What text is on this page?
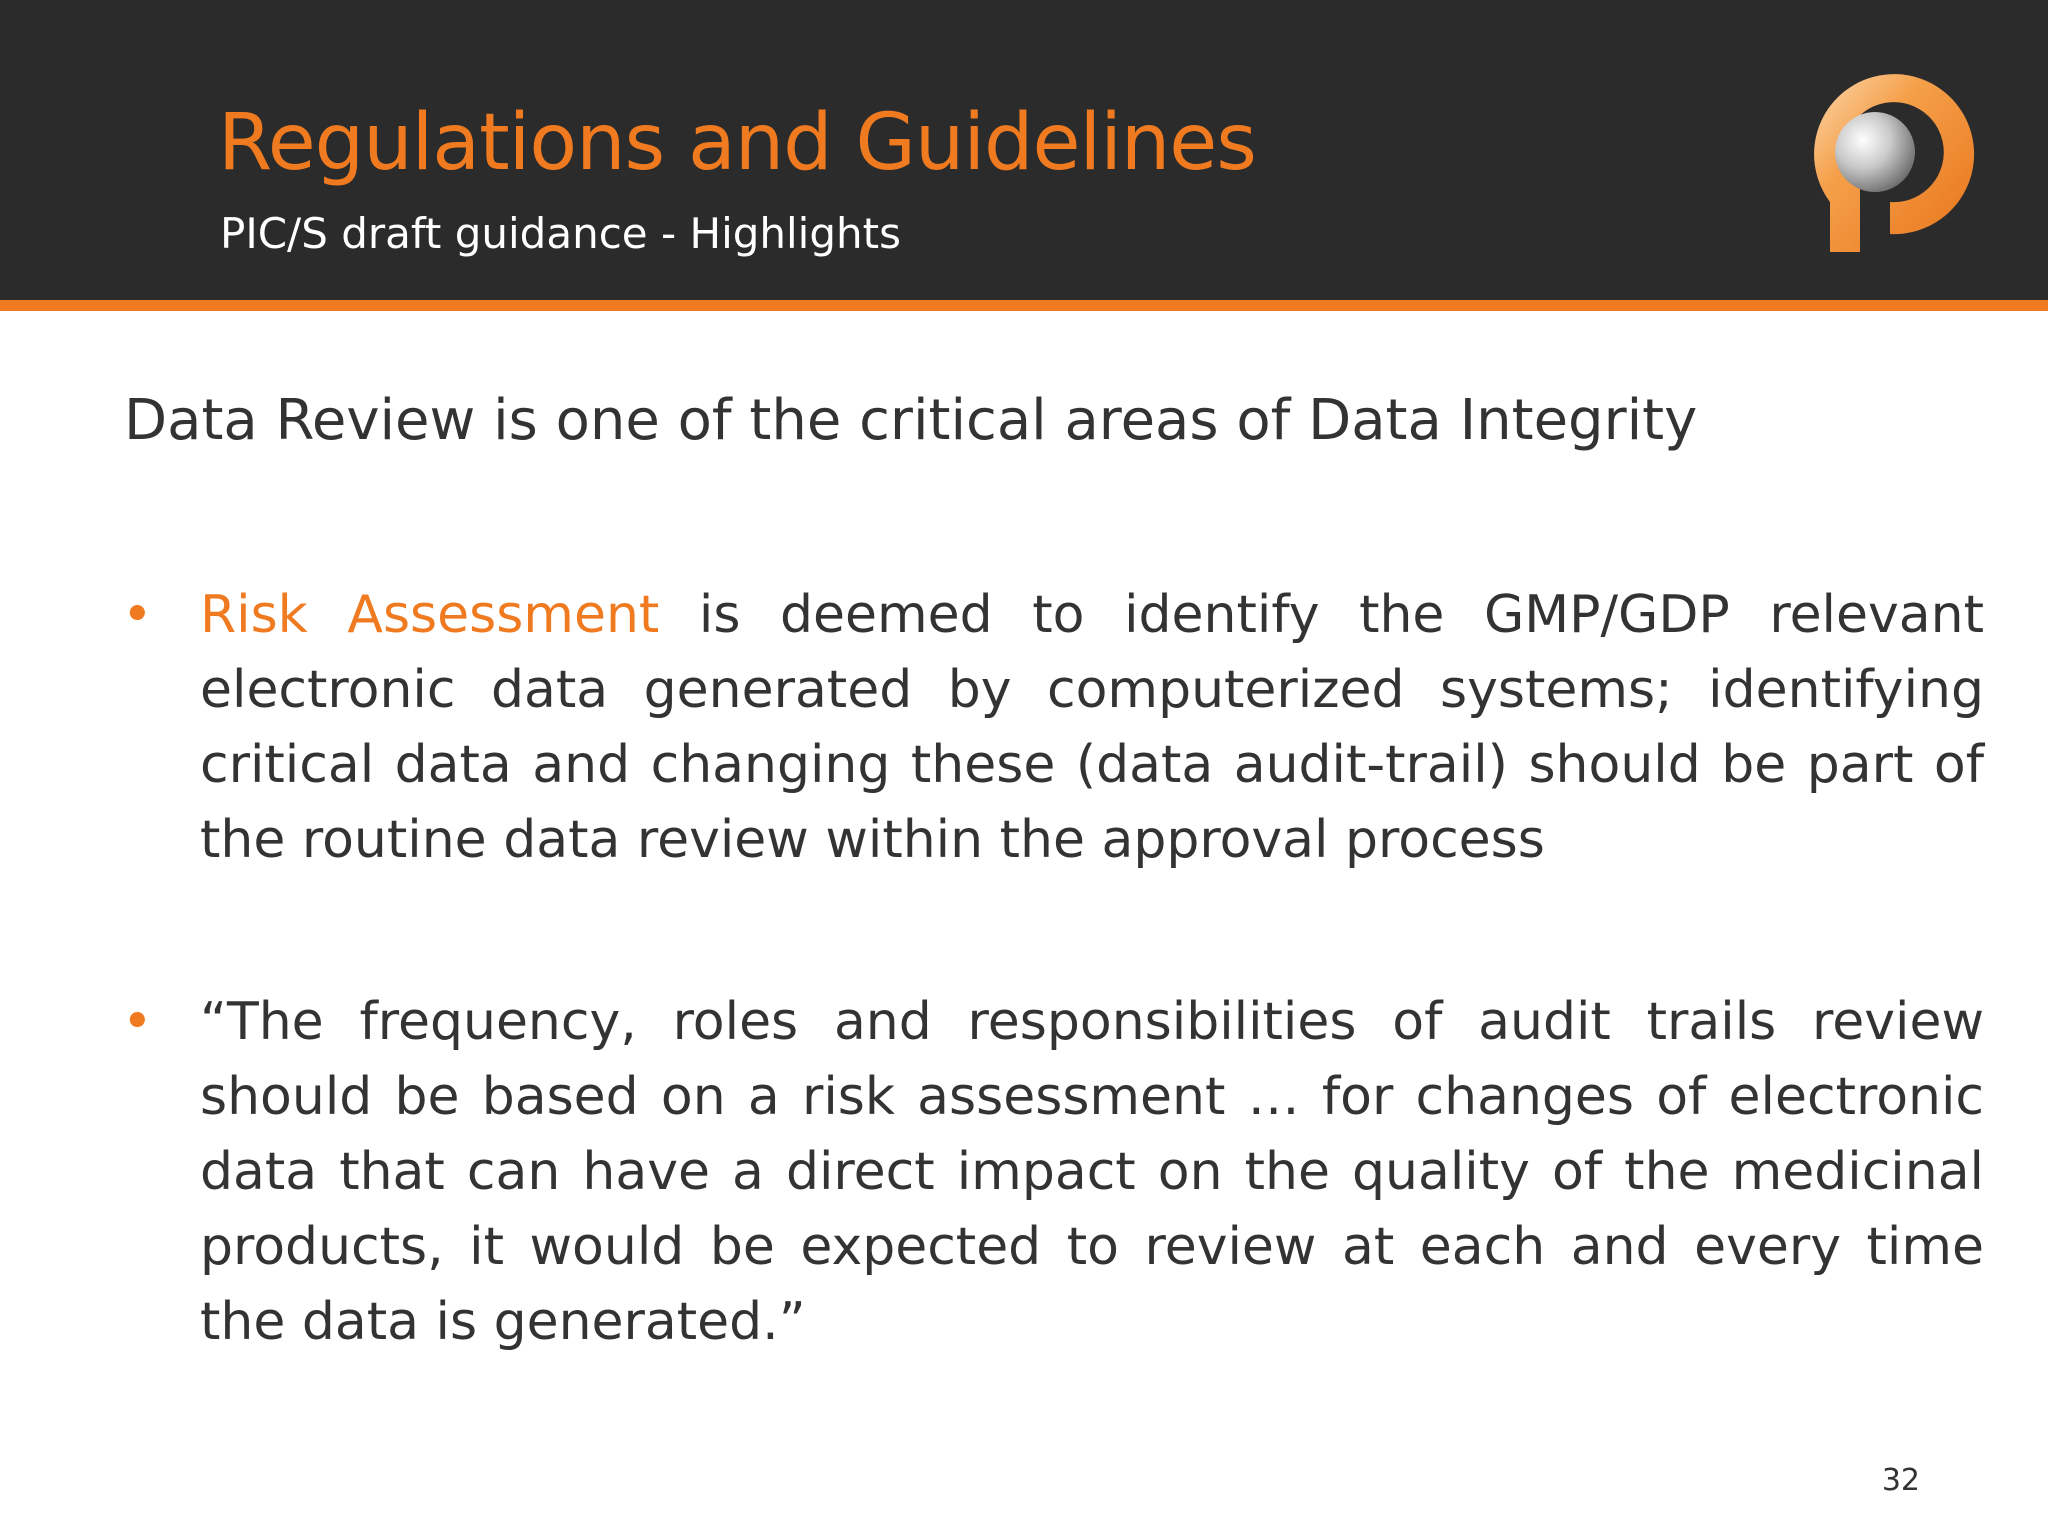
Regulations and Guidelines
PIC/S draft guidance - Highlights
Data Review is one of the critical areas of Data Integrity
• Risk Assessment is deemed to identify the GMP/GDP relevant electronic data generated by computerized systems; identifying critical data and changing these (data audit-trail) should be part of the routine data review within the approval process
• “The frequency, roles and responsibilities of audit trails review should be based on a risk assessment … for changes of electronic data that can have a direct impact on the quality of the medicinal products, it would be expected to review at each and every time the data is generated.”
32
